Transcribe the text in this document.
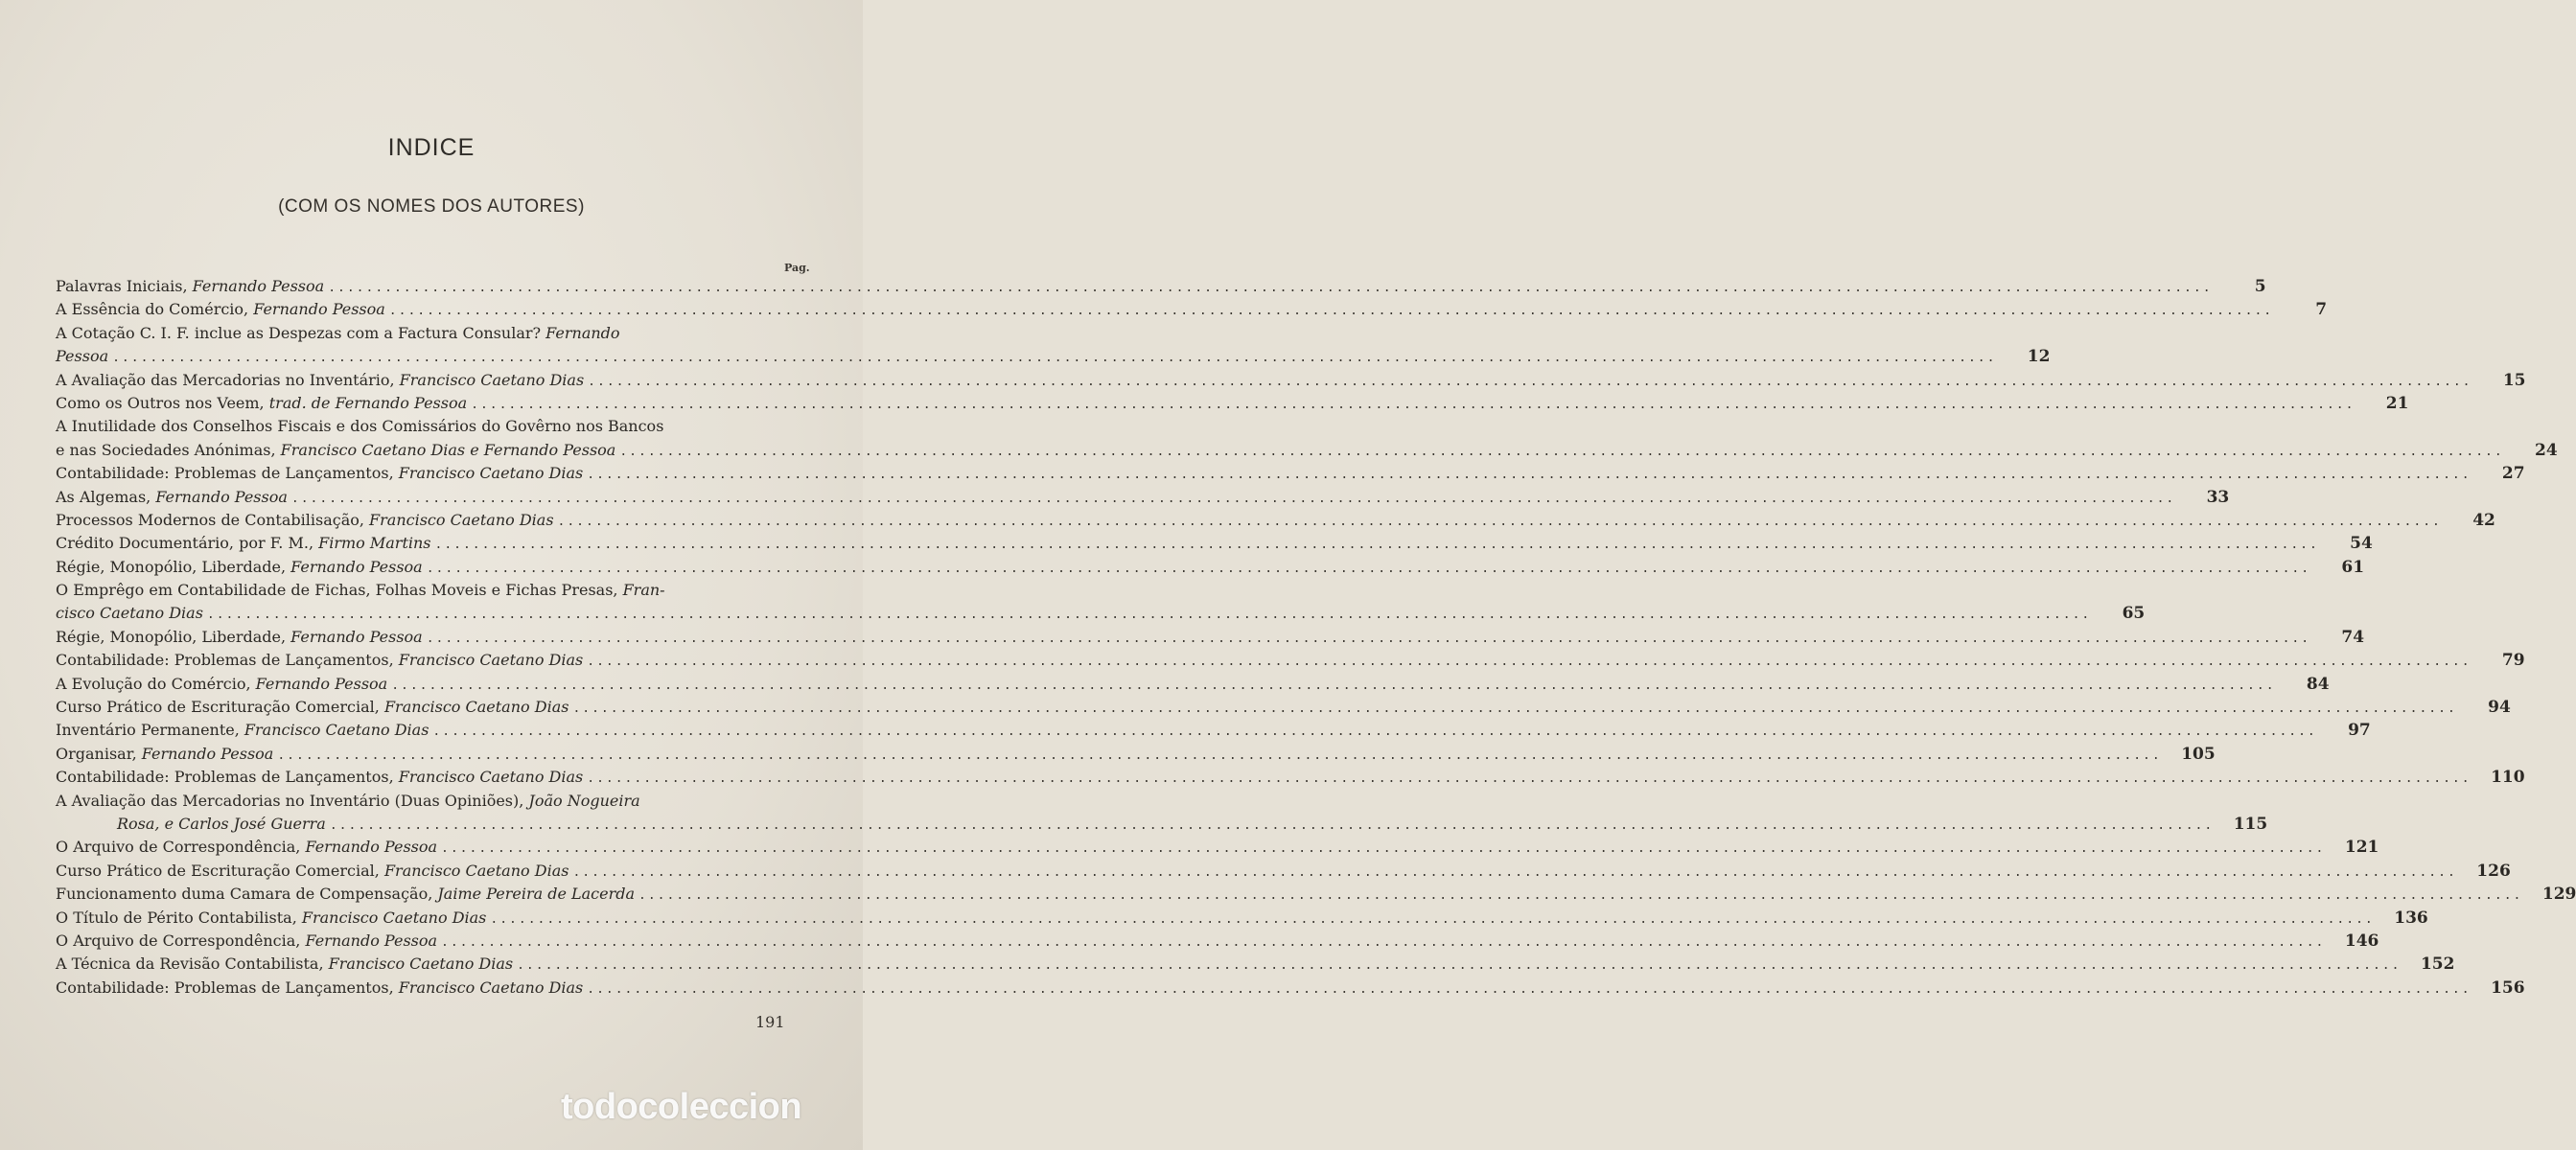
INDICE
(COM OS NOMES DOS AUTORES)
Pag.
Palavras Iniciais, Fernando Pessoa ........................................................................................................................................................................................................	5
A Essência do Comércio, Fernando Pessoa ........................................................................................................................................................................................................	7
A Cotação C. I. F. inclue as Despezas com a Factura Consular? Fernando
Pessoa ........................................................................................................................................................................................................	12
A Avaliação das Mercadorias no Inventário, Francisco Caetano Dias ........................................................................................................................................................................................................	15
Como os Outros nos Veem, trad. de Fernando Pessoa ........................................................................................................................................................................................................	21
A Inutilidade dos Conselhos Fiscais e dos Comissários do Govêrno nos Bancos
e nas Sociedades Anónimas, Francisco Caetano Dias e Fernando Pessoa ........................................................................................................................................................................................................	24
Contabilidade: Problemas de Lançamentos, Francisco Caetano Dias ........................................................................................................................................................................................................	27
As Algemas, Fernando Pessoa ........................................................................................................................................................................................................	33
Processos Modernos de Contabilisação, Francisco Caetano Dias ........................................................................................................................................................................................................	42
Crédito Documentário, por F. M., Firmo Martins ........................................................................................................................................................................................................	54
Régie, Monopólio, Liberdade, Fernando Pessoa ........................................................................................................................................................................................................	61
O Emprêgo em Contabilidade de Fichas, Folhas Moveis e Fichas Presas, Fran-
cisco Caetano Dias ........................................................................................................................................................................................................	65
Régie, Monopólio, Liberdade, Fernando Pessoa ........................................................................................................................................................................................................	74
Contabilidade: Problemas de Lançamentos, Francisco Caetano Dias ........................................................................................................................................................................................................	79
A Evolução do Comércio, Fernando Pessoa ........................................................................................................................................................................................................	84
Curso Prático de Escrituração Comercial, Francisco Caetano Dias ........................................................................................................................................................................................................	94
Inventário Permanente, Francisco Caetano Dias ........................................................................................................................................................................................................	97
Organisar, Fernando Pessoa ........................................................................................................................................................................................................	105
Contabilidade: Problemas de Lançamentos, Francisco Caetano Dias ........................................................................................................................................................................................................	110
A Avaliação das Mercadorias no Inventário (Duas Opiniões), João Nogueira
Rosa, e Carlos José Guerra ........................................................................................................................................................................................................	115
O Arquivo de Correspondência, Fernando Pessoa ........................................................................................................................................................................................................	121
Curso Prático de Escrituração Comercial, Francisco Caetano Dias ........................................................................................................................................................................................................	126
Funcionamento duma Camara de Compensação, Jaime Pereira de Lacerda ........................................................................................................................................................................................................	129
O Título de Périto Contabilista, Francisco Caetano Dias ........................................................................................................................................................................................................	136
O Arquivo de Correspondência, Fernando Pessoa ........................................................................................................................................................................................................	146
A Técnica da Revisão Contabilista, Francisco Caetano Dias ........................................................................................................................................................................................................	152
Contabilidade: Problemas de Lançamentos, Francisco Caetano Dias ........................................................................................................................................................................................................	156
191
todocoleccion
